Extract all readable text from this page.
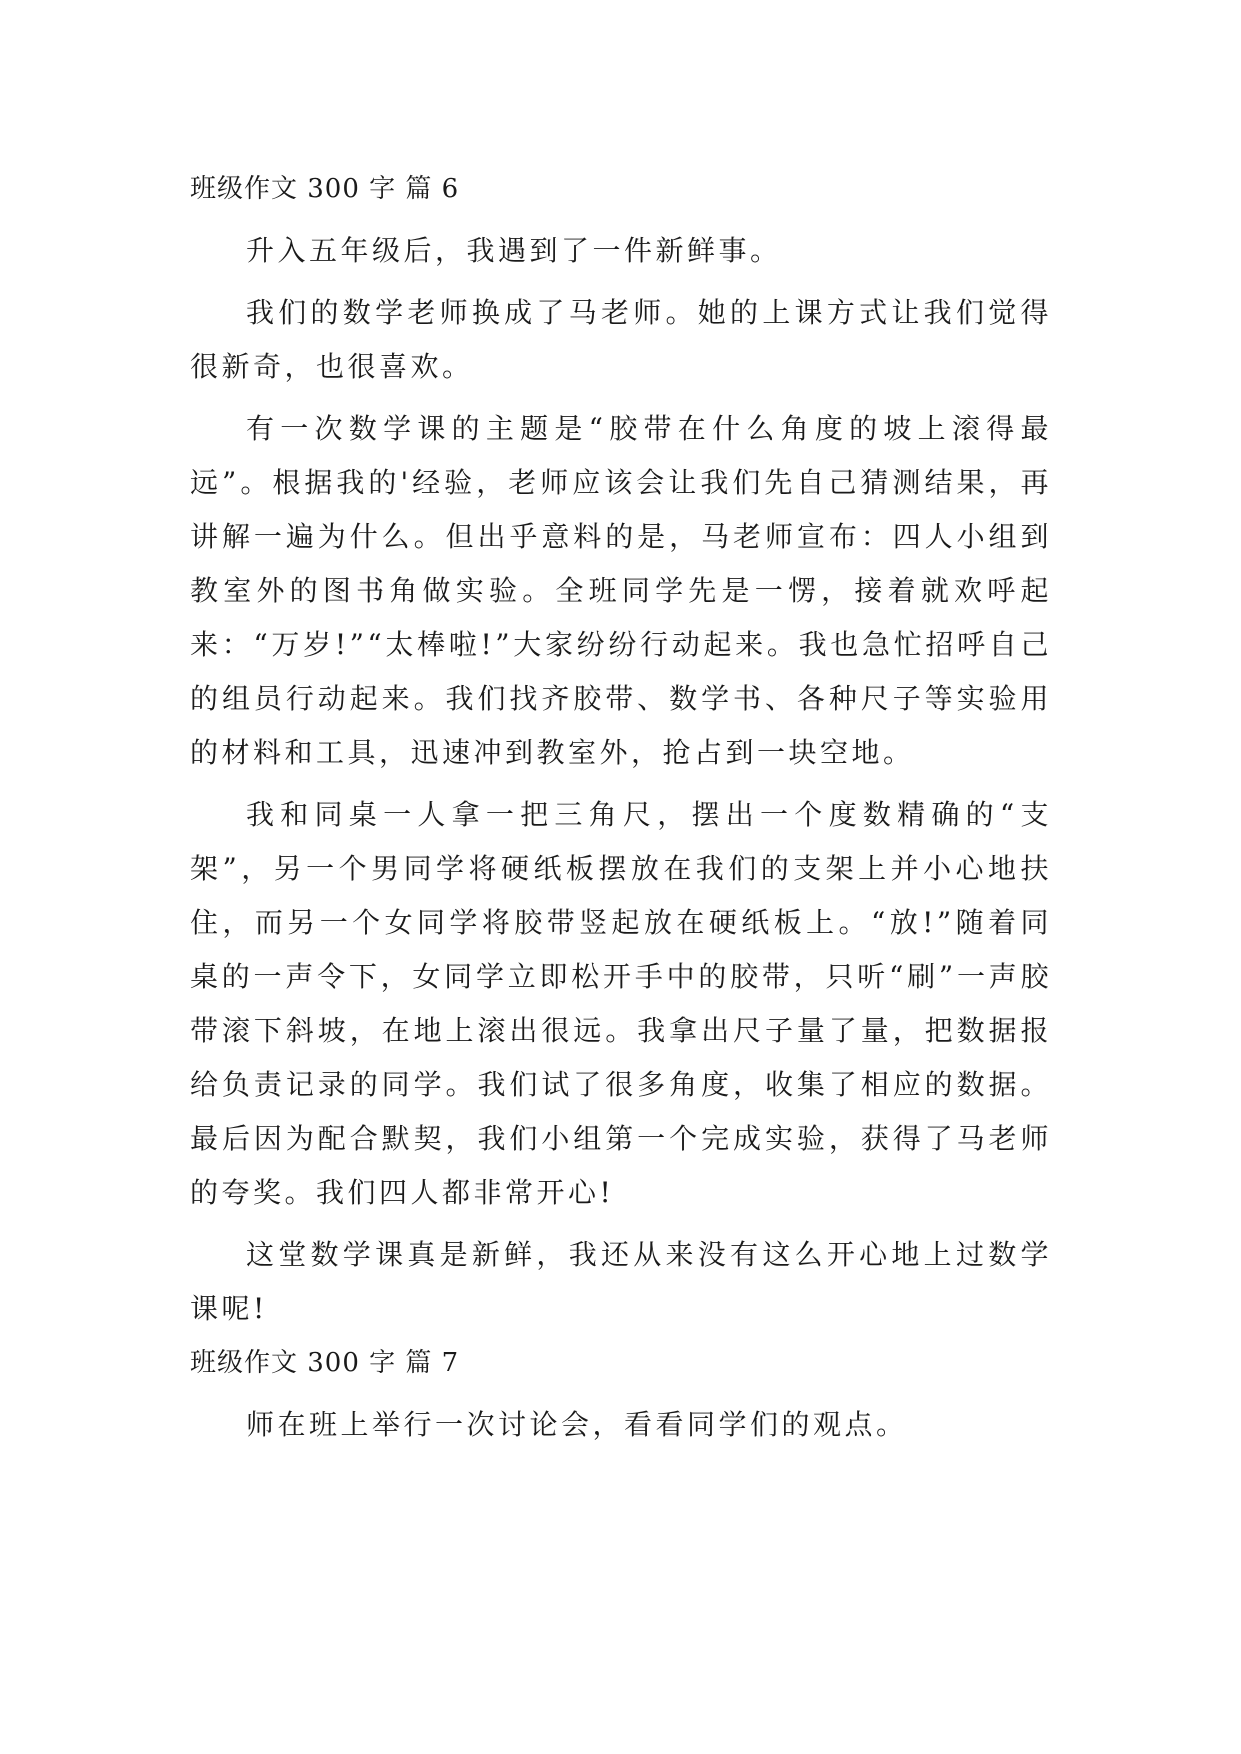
班级作文 300 字 篇 6

升入五年级后，我遇到了一件新鲜事。

我们的数学老师换成了马老师。她的上课方式让我们觉得很新奇，也很喜欢。

有一次数学课的主题是“胶带在什么角度的坡上滚得最远”。根据我的'经验，老师应该会让我们先自己猜测结果，再讲解一遍为什么。但出乎意料的是，马老师宣布：四人小组到教室外的图书角做实验。全班同学先是一愣，接着就欢呼起来：“万岁!”“太棒啦!”大家纷纷行动起来。我也急忙招呼自己的组员行动起来。我们找齐胶带、数学书、各种尺子等实验用的材料和工具，迅速冲到教室外，抢占到一块空地。

我和同桌一人拿一把三角尺，摆出一个度数精确的“支架”，另一个男同学将硬纸板摆放在我们的支架上并小心地扶住，而另一个女同学将胶带竖起放在硬纸板上。“放!”随着同桌的一声令下，女同学立即松开手中的胶带，只听“刷”一声胶带滚下斜坡，在地上滚出很远。我拿出尺子量了量，把数据报给负责记录的同学。我们试了很多角度，收集了相应的数据。最后因为配合默契，我们小组第一个完成实验，获得了马老师的夸奖。我们四人都非常开心!

这堂数学课真是新鲜，我还从来没有这么开心地上过数学课呢!

班级作文 300 字 篇 7

师在班上举行一次讨论会，看看同学们的观点。
